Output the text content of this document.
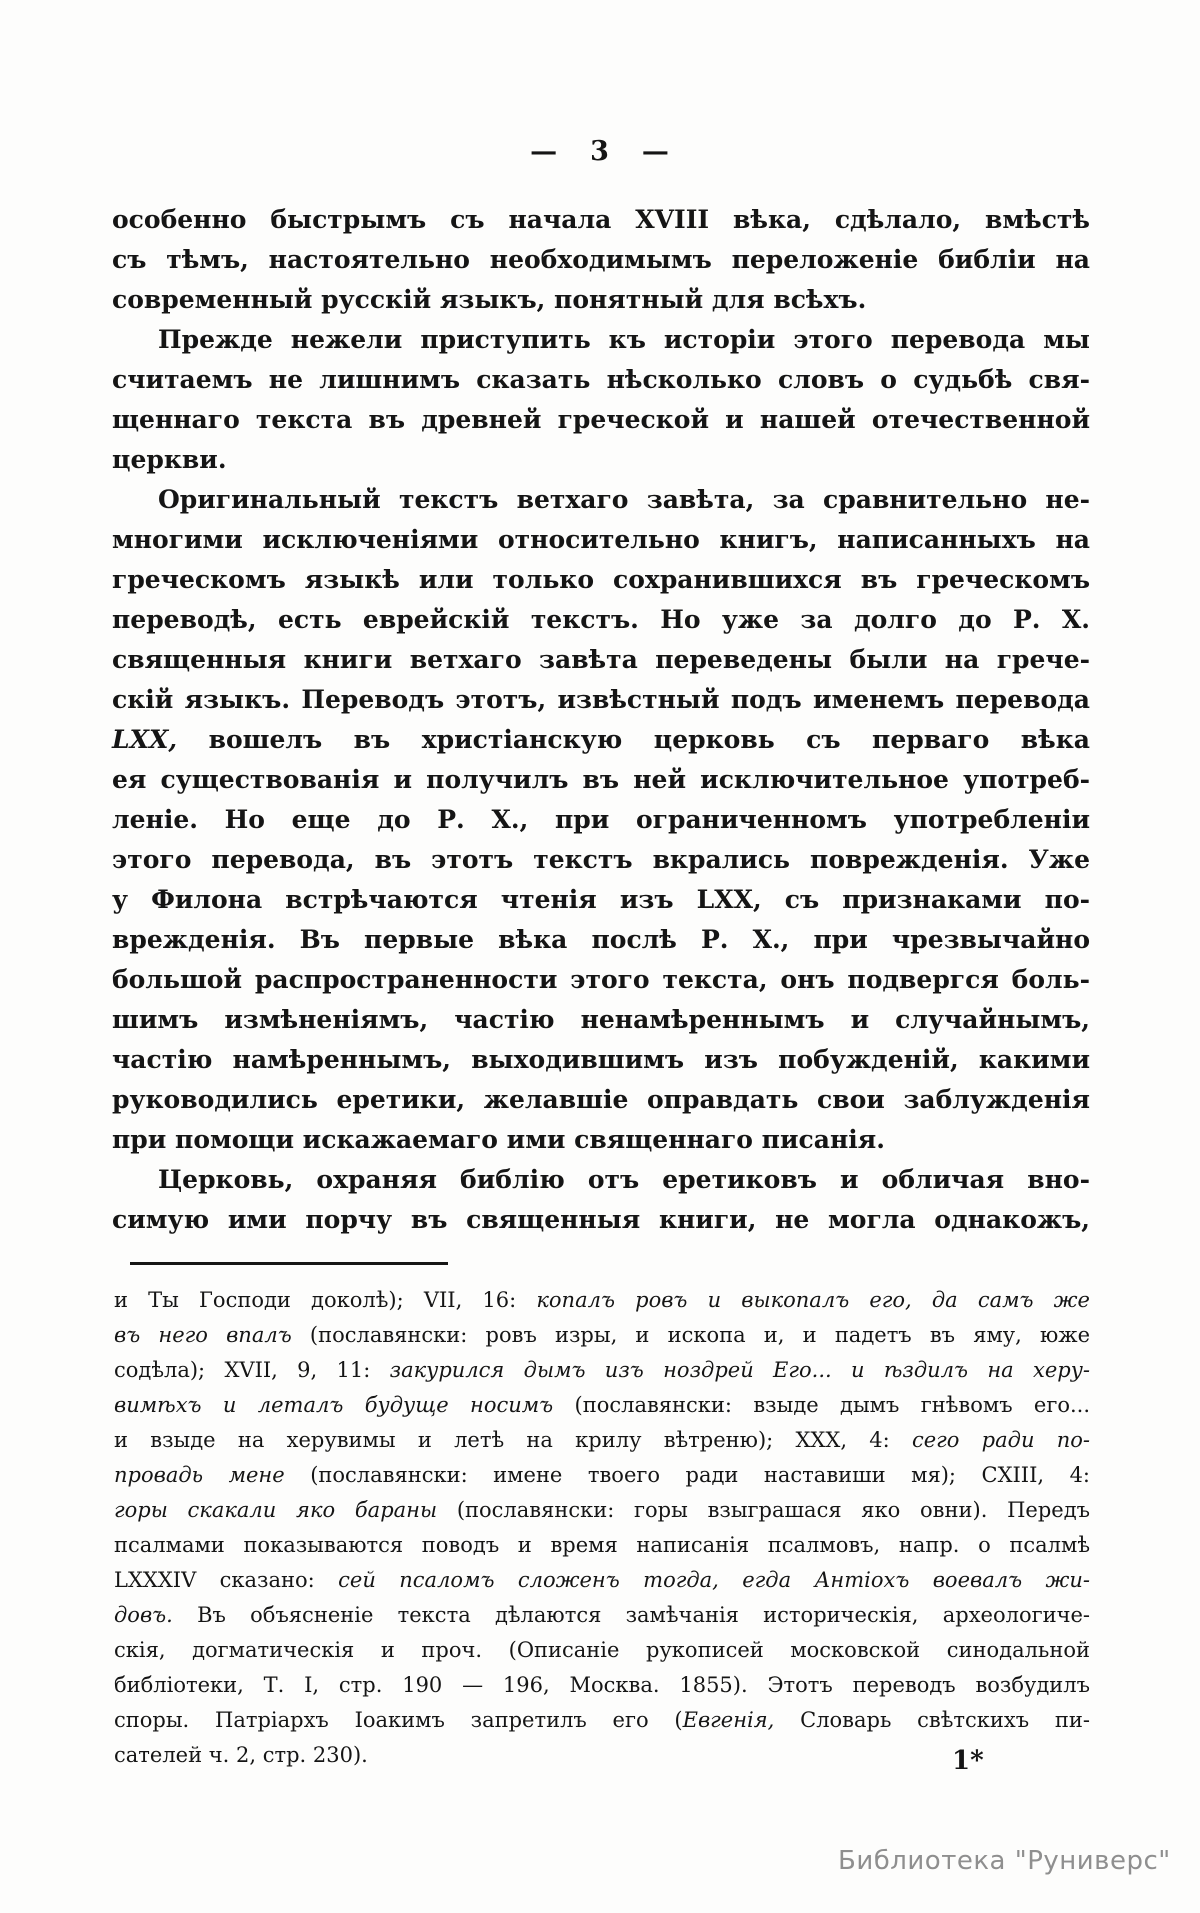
— 3 —
особенно быстрымъ съ начала XVIII вѣка, сдѣлало, вмѣстѣ
съ тѣмъ, настоятельно необходимымъ переложеніе библіи на
современный русскій языкъ, понятный для всѣхъ.
Прежде нежели приступить къ исторіи этого перевода мы
считаемъ не лишнимъ сказать нѣсколько словъ о судьбѣ свя-
щеннаго текста въ древней греческой и нашей отечественной
церкви.
Оригинальный текстъ ветхаго завѣта, за сравнительно не-
многими исключеніями относительно книгъ, написанныхъ на
греческомъ языкѣ или только сохранившихся въ греческомъ
переводѣ, есть еврейскій текстъ. Но уже за долго до Р. Х.
священныя книги ветхаго завѣта переведены были на грече-
скій языкъ. Переводъ этотъ, извѣстный подъ именемъ перевода
LXX, вошелъ въ христіанскую церковь съ перваго вѣка
ея существованія и получилъ въ ней исключительное употреб-
леніе. Но еще до Р. Х., при ограниченномъ употребленіи
этого перевода, въ этотъ текстъ вкрались поврежденія. Уже
у Филона встрѣчаются чтенія изъ LXX, съ признаками по-
врежденія. Въ первые вѣка послѣ Р. Х., при чрезвычайно
большой распространенности этого текста, онъ подвергся боль-
шимъ измѣненіямъ, частію ненамѣреннымъ и случайнымъ,
частію намѣреннымъ, выходившимъ изъ побужденій, какими
руководились еретики, желавшіе оправдать свои заблужденія
при помощи искажаемаго ими священнаго писанія.
Церковь, охраняя библію отъ еретиковъ и обличая вно-
симую ими порчу въ священныя книги, не могла однакожъ,
и Ты Господи доколѣ); VII, 16: копалъ ровъ и выкопалъ его, да самъ же
въ него впалъ (пославянски: ровъ изры, и ископа и, и падетъ въ яму, юже
содѣла); XVII, 9, 11: закурился дымъ изъ ноздрей Его... и ѣздилъ на херу-
вимѣхъ и леталъ будуще носимъ (пославянски: взыде дымъ гнѣвомъ его...
и взыде на херувимы и летѣ на крилу вѣтреню); XXX, 4: сего ради по-
провадь мене (пославянски: имене твоего ради наставиши мя); CXIII, 4:
горы скакали яко бараны (пославянски: горы взыграшася яко овни). Передъ
псалмами показываются поводъ и время написанія псалмовъ, напр. о псалмѣ
LXXXIV сказано: сей псаломъ сложенъ тогда, егда Антіохъ воевалъ жи-
довъ. Въ объясненіе текста дѣлаются замѣчанія историческія, археологиче-
скія, догматическія и проч. (Описаніе рукописей московской синодальной
библіотеки, Т. I, стр. 190 — 196, Москва. 1855). Этотъ переводъ возбудилъ
споры. Патріархъ Іоакимъ запретилъ его (Евгенія, Словарь свѣтскихъ пи-
сателей ч. 2, стр. 230).	1*
Библиотека "Руниверс"
